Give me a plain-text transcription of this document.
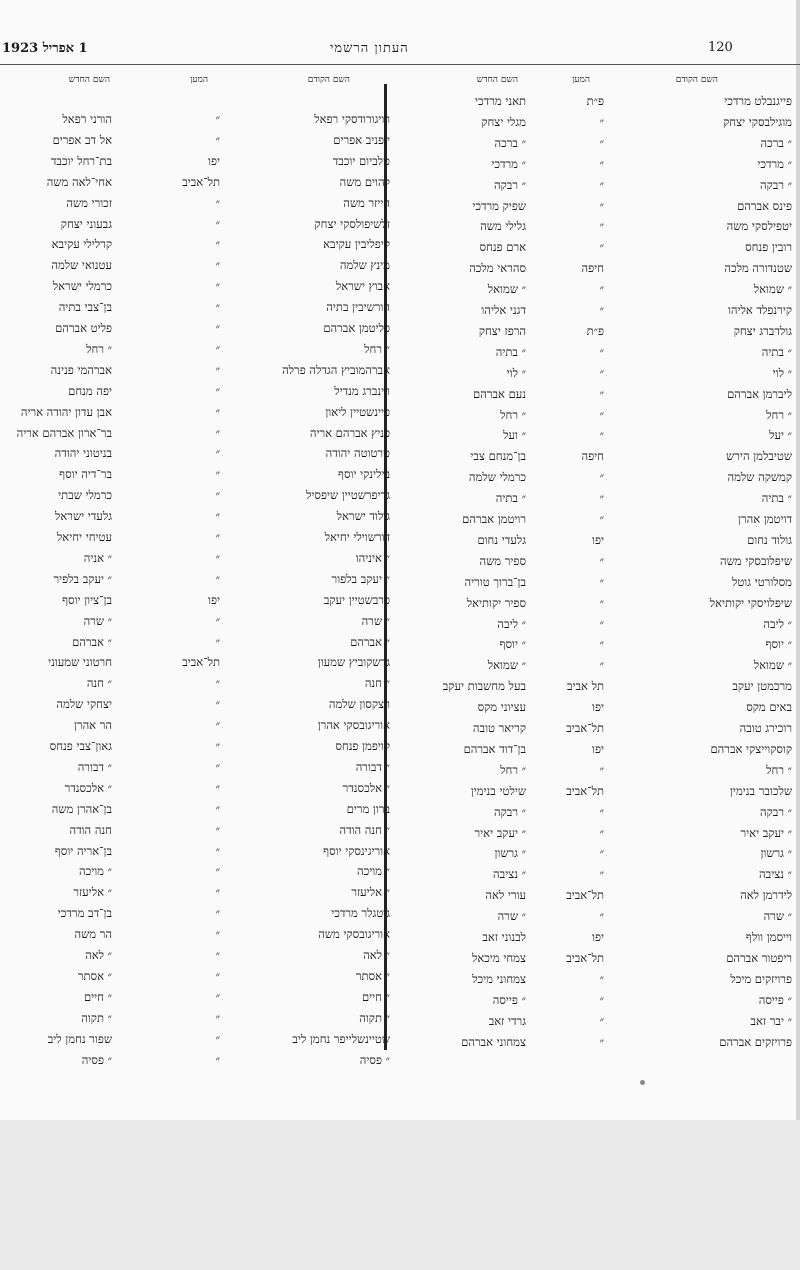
1 אפריל 1923	העתון הרשמי	120
השם הקודם
המען
השם החדש
השם הקודם
המען
השם החדש
פייגנבלט מרדכי
פ״ת
תאני מרדכי
מוגילבסקי יצחק
״
מגלי יצחק
״ ברכה
״
״ ברכה
״ מרדכי
״
״ מרדכי
״ רבקה
״
״ רבקה
פינס אברהם
״
שפיק מרדכי
יטפילסקי משה
״
גלילי משה
רובין פנחס
״
ארם פנחס
שטנדורה מלכה
חיפה
סהראי מלכה
״ שמואל
״
״ שמואל
קירנפלד אליהו
״
דגני אליהו
גולדברג יצחק
פ״ת
הרפז יצחק
״ בתיה
״
״ בתיה
״ לוי
״
״ לוי
ליברמן אברהם
״
נעם אברהם
״ רחל
״
״ רחל
״ יעל
״
״ ועל
שטיבלמן הירש
חיפה
בן־מנחם צבי
קמשקה שלמה
״
כרמלי שלמה
״ בתיה
״
״ בתיה
דויטמן אהרן
״
רויטמן אברהם
גולוד נחום
יפו
גלעדי נחום
שיפלובסקי משה
״
ספיר משה
מסלורטי גוטל
״
בן־ברוך טוריה
שיפלויסקי יקותיאל
״
ספיר יקותיאל
״ ליבה
״
״ ליבה
״ יוסף
״
״ יוסף
״ שמואל
״
״ שמואל
מרכמטן יעקב
תל אביב
בעל מחשבות יעקב
באים מקס
יפו
עציוני מקס
רוכירג טובה
תל־אביב
קריאר טובה
קוסקוייצקי אברהם
יפו
בן־דוד אברהם
״ רחל
״
״ רחל
שלכובר בנימין
תל־אביב
שילטי בנימין
״ רבקה
״
״ רבקה
״ יעקב יאיר
״
״ יעקב יאיר
״ גרשון
״
״ גרשון
״ נציבה
״
״ נציבה
לידרמן לאה
תל־אביב
עורי לאה
״ שרה
״
״ שרה
וייסמן וולף
יפו
לבנוני זאב
ריפטור אברהם
תל־אביב
צמחי מיכאל
פרויזקים מיכל
״
צמחוני מיכל
״ פייסה
״
״ פייסה
״ יבר זאב
״
גרדי זאב
פרויזקים אברהם
״
צמחוני אברהם
רויגורודסקי רפאל
״
הורני רפאל
יופניב אפרים
״
אל דב אפרים
טלביום יוכבד
יפו
בת־רחל יוכבד
להוים משה
תל־אביב
אחי־לאה משה
הייזר משה
״
זכורי משה
זלשיפולסקי יצחק
״
גבעוני יצחק
קיפליבין עקיבא
״
קרלילי עקיבא
מינץ שלמה
״
עטנואי שלמה
אבוץ ישראל
״
כרמלי ישראל
הורשיבין בתיה
״
בן־צבי בתיה
פליטמן אברהם
״
פליט אברהם
״ רחל
״
״ רחל
אברהמוביץ הגדלה פרלה
״
אברהמי פנינה
ווינברג מנדיל
״
יפה מנחם
פיינשטיין ליאון
״
אבן עדון יהודה אריה
פניץ אברהם אריה
״
בר־ארון אברהם אריה
טרטוטה יהודה
״
בניטוני יהודה
בילינקי יוסף
״
בר־דיה יוסף
גריפרשטיין שיפסיל
״
כרמלי שבתי
גולוד ישראל
״
גלעדי ישראל
דורשוילי יחיאל
״
עטיחי יחיאל
״ איניהו
״
״ אניה
״ יעקב בלפור
״
״ יעקב בלפיר
פרבשטיין יעקב
יפו
בן־ציון יוסף
״ שרה
״
״ שרה
״ אברהם
״
״ אברהם
גרשקוביץ שמעון
תל־אביב
חרטוני שמעוני
״ חנה
״
״ חנה
ויצקסון שלמה
״
יצחקי שלמה
אוריגובסקי אהרן
״
הר אהרן
קויפמן פנחס
״
גאון־צבי פנחס
״ דבורה
״
״ דבורה
״ אלכסנדר
״
״ אלכסנדר
ברון מרים
״
בן־אהרן משה
״ חנה הודה
״
חנה הודה
אוריגינסקי יוסף
״
בן־אריה יוסף
״ מויכה
״
״ מויכה
״ אליעזר
״
״ אליעזר
גוטגלר מרדכי
״
בן־דב מרדכי
אוריגובסקי משה
״
הר משה
״ לאה
״
״ לאה
״ אסתר
״
״ אסתר
״ חיים
״
״ חיים
״ תקוה
״
״ תקוה
שטיינשלייפר נחמן ליב
״
שפור נחמן ליב
״ פסיה
״
״ פסיה
